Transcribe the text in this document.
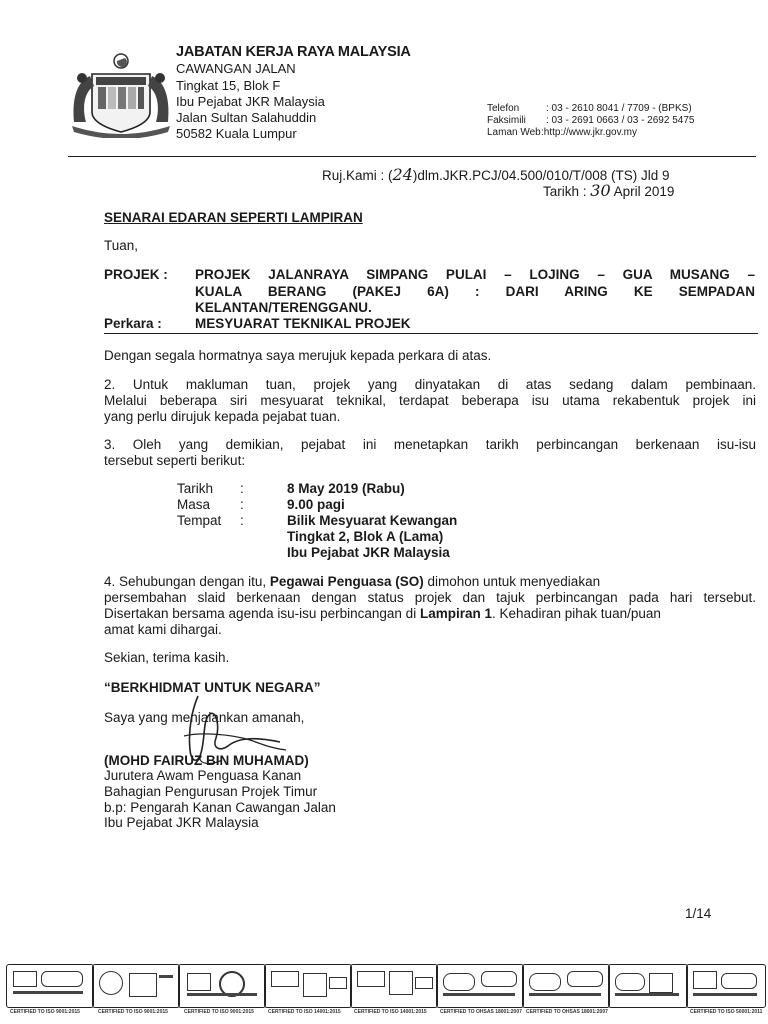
JABATAN KERJA RAYA MALAYSIA
CAWANGAN JALAN
Tingkat 15, Blok F
Ibu Pejabat JKR Malaysia
Jalan Sultan Salahuddin
50582 Kuala Lumpur
Telefon	: 03 - 2610 8041 / 7709 - (BPKS)
Faksimili : 03 - 2691 0663 / 03 - 2692 5475
Laman Web :http://www.jkr.gov.my
Ruj.Kami : (24)dlm.JKR.PCJ/04.500/010/T/008 (TS) Jld 9
Tarikh : 30 April 2019
SENARAI EDARAN SEPERTI LAMPIRAN
Tuan,
PROJEK : PROJEK JALANRAYA SIMPANG PULAI – LOJING – GUA MUSANG –
KUALA BERANG (PAKEJ 6A) : DARI ARING KE SEMPADAN
KELANTAN/TERENGGANU.
Perkara : MESYUARAT TEKNIKAL PROJEK
Dengan segala hormatnya saya merujuk kepada perkara di atas.
2. Untuk makluman tuan, projek yang dinyatakan di atas sedang dalam pembinaan.
Melalui beberapa siri mesyuarat teknikal, terdapat beberapa isu utama rekabentuk projek ini
yang perlu dirujuk kepada pejabat tuan.
3. Oleh yang demikian, pejabat ini menetapkan tarikh perbincangan berkenaan isu-isu
tersebut seperti berikut:
Tarikh :	8 May 2019 (Rabu)
Masa :	9.00 pagi
Tempat :	Bilik Mesyuarat Kewangan
Tingkat 2, Blok A (Lama)
Ibu Pejabat JKR Malaysia
4. Sehubungan dengan itu, Pegawai Penguasa (SO) dimohon untuk menyediakan
persembahan slaid berkenaan dengan status projek dan tajuk perbincangan pada hari tersebut.
Disertakan bersama agenda isu-isu perbincangan di Lampiran 1. Kehadiran pihak tuan/puan
amat kami dihargai.
Sekian, terima kasih.
“BERKHIDMAT UNTUK NEGARA”
Saya yang menjalankan amanah,
(MOHD FAIRUZ BIN MUHAMAD)
Jurutera Awam Penguasa Kanan
Bahagian Pengurusan Projek Timur
b.p: Pengarah Kanan Cawangan Jalan
Ibu Pejabat JKR Malaysia
1/14
CERTIFIED TO ISO 9001:2015	CERTIFIED TO ISO 9001:2015	CERTIFIED TO ISO 9001:2015	CERTIFIED TO ISO 14001:2015	CERTIFIED TO ISO 14001:2015	CERTIFIED TO OHSAS 18001:2007 CERTIFIED TO OHSAS 18001:2007	CERTIFIED TO ISO 50001:2011
